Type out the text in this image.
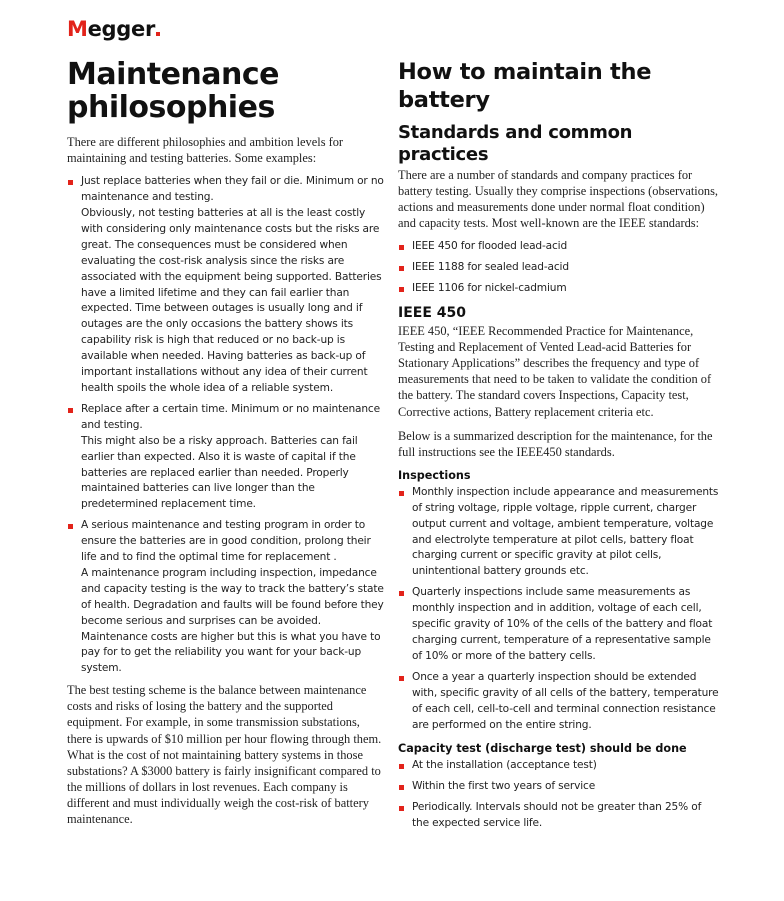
Megger
Maintenance philosophies

There are different philosophies and ambition levels for maintaining and testing batteries. Some examples:

Just replace batteries when they fail or die. Minimum or no maintenance and testing.
Obviously, not testing batteries at all is the least costly with considering only maintenance costs but the risks are great. The consequences must be considered when evaluating the cost-risk analysis since the risks are associated with the equipment being supported. Batteries have a limited lifetime and they can fail earlier than expected. Time between outages is usually long and if outages are the only occasions the battery shows its capability risk is high that reduced or no back-up is available when needed. Having batteries as back-up of important installations without any idea of their current health spoils the whole idea of a reliable system.
Replace after a certain time. Minimum or no maintenance and testing.
This might also be a risky approach. Batteries can fail earlier than expected. Also it is waste of capital if the batteries are replaced earlier than needed. Properly maintained batteries can live longer than the predetermined replacement time.
A serious maintenance and testing program in order to ensure the batteries are in good condition, prolong their life and to find the optimal time for replacement .
A maintenance program including inspection, impedance and capacity testing is the way to track the battery’s state of health. Degradation and faults will be found before they become serious and surprises can be avoided. Maintenance costs are higher but this is what you have to pay for to get the reliability you want for your back-up system.

The best testing scheme is the balance between maintenance costs and risks of losing the battery and the supported equipment. For example, in some transmission substations, there is upwards of $10 million per hour flowing through them. What is the cost of not maintaining battery systems in those substations? A $3000 battery is fairly insignificant compared to the millions of dollars in lost revenues. Each company is different and must individually weigh the cost-risk of battery maintenance.

How to maintain the battery
Standards and common practices

There are a number of standards and company practices for battery testing. Usually they comprise inspections (observations, actions and measurements done under normal float condition) and capacity tests. Most well-known are the IEEE standards:

IEEE 450 for flooded lead-acid
IEEE 1188 for sealed lead-acid
IEEE 1106 for nickel-cadmium
IEEE 450

IEEE 450, “IEEE Recommended Practice for Maintenance, Testing and Replacement of Vented Lead-acid Batteries for Stationary Applications” describes the frequency and type of measurements that need to be taken to validate the condition of the battery. The standard covers Inspections, Capacity test, Corrective actions, Battery replacement criteria etc.

Below is a summarized description for the maintenance, for the full instructions see the IEEE450 standards.

Inspections
Monthly inspection include appearance and measurements of string voltage, ripple voltage, ripple current, charger output current and voltage, ambient temperature, voltage and electrolyte temperature at pilot cells, battery float charging current or specific gravity at pilot cells, unintentional battery grounds etc.
Quarterly inspections include same measurements as monthly inspection and in addition, voltage of each cell, specific gravity of 10% of the cells of the battery and float charging current, temperature of a representative sample of 10% or more of the battery cells.
Once a year a quarterly inspection should be extended with, specific gravity of all cells of the battery, temperature of each cell, cell-to-cell and terminal connection resistance are performed on the entire string.
Capacity test (discharge test) should be done
At the installation (acceptance test)
Within the first two years of service
Periodically. Intervals should not be greater than 25% of the expected service life.
